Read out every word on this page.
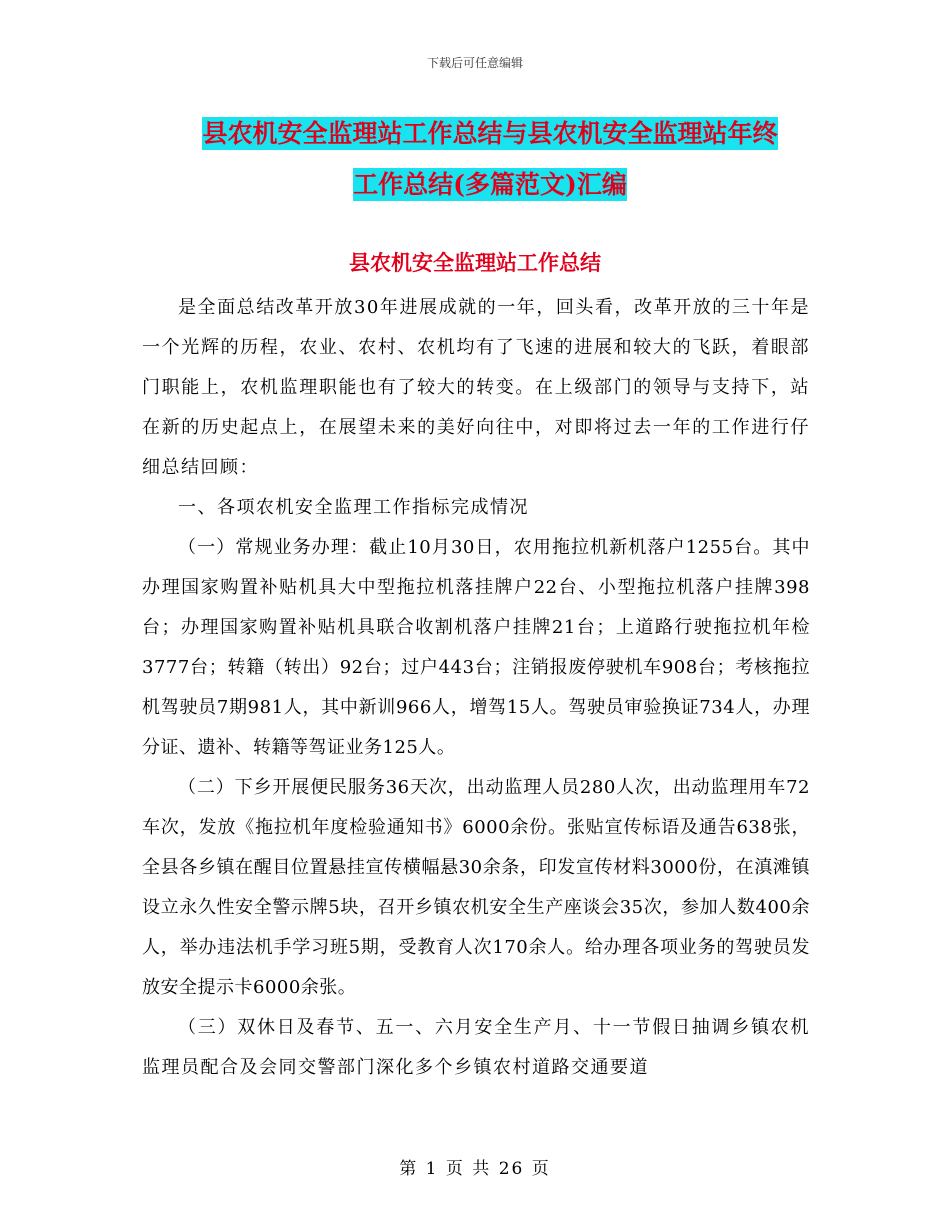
下载后可任意编辑
县农机安全监理站工作总结与县农机安全监理站年终
工作总结(多篇范文)汇编
县农机安全监理站工作总结

是全面总结改革开放30年进展成就的一年，回头看，改革开放的三十年是一个光辉的历程，农业、农村、农机均有了飞速的进展和较大的飞跃，着眼部门职能上，农机监理职能也有了较大的转变。在上级部门的领导与支持下，站在新的历史起点上，在展望未来的美好向往中，对即将过去一年的工作进行仔细总结回顾：

一、各项农机安全监理工作指标完成情况

（一）常规业务办理：截止10月30日，农用拖拉机新机落户1255台。其中办理国家购置补贴机具大中型拖拉机落挂牌户22台、小型拖拉机落户挂牌398台；办理国家购置补贴机具联合收割机落户挂牌21台；上道路行驶拖拉机年检3777台；转籍（转出）92台；过户443台；注销报废停驶机车908台；考核拖拉机驾驶员7期981人，其中新训966人，增驾15人。驾驶员审验换证734人，办理分证、遗补、转籍等驾证业务125人。

（二）下乡开展便民服务36天次，出动监理人员280人次，出动监理用车72车次，发放《拖拉机年度检验通知书》6000余份。张贴宣传标语及通告638张，全县各乡镇在醒目位置悬挂宣传横幅悬30余条，印发宣传材料3000份，在滇滩镇设立永久性安全警示牌5块，召开乡镇农机安全生产座谈会35次，参加人数400余人，举办违法机手学习班5期，受教育人次170余人。给办理各项业务的驾驶员发放安全提示卡6000余张。

（三）双休日及春节、五一、六月安全生产月、十一节假日抽调乡镇农机监理员配合及会同交警部门深化多个乡镇农村道路交通要道

第 1 页 共 26 页
